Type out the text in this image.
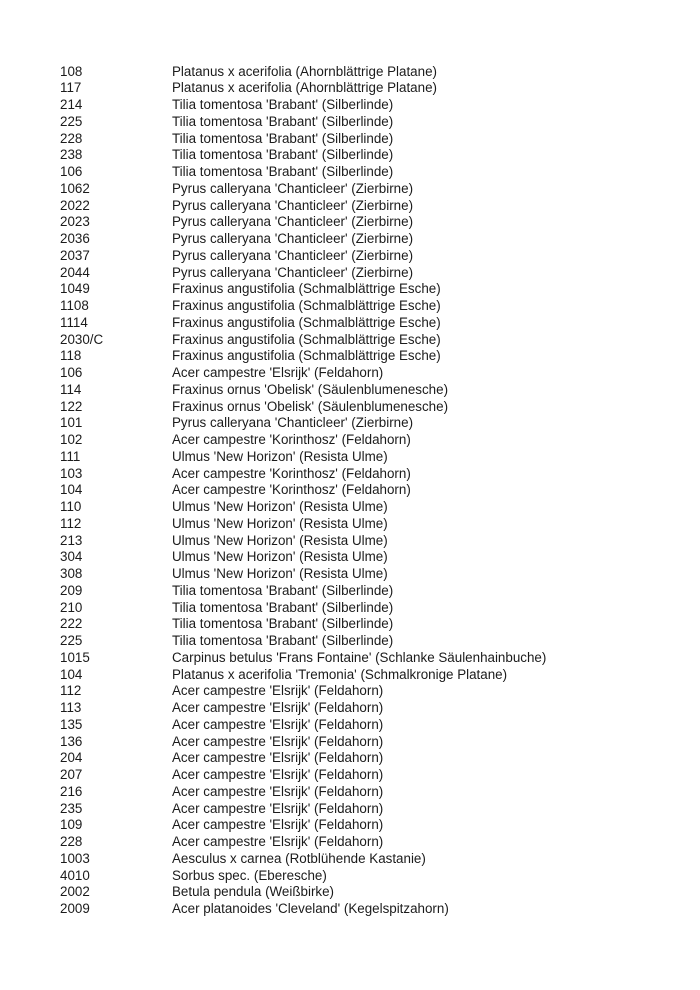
108	Platanus x acerifolia (Ahornblättrige Platane)
117	Platanus x acerifolia (Ahornblättrige Platane)
214	Tilia tomentosa 'Brabant' (Silberlinde)
225	Tilia tomentosa 'Brabant' (Silberlinde)
228	Tilia tomentosa 'Brabant' (Silberlinde)
238	Tilia tomentosa 'Brabant' (Silberlinde)
106	Tilia tomentosa 'Brabant' (Silberlinde)
1062	Pyrus calleryana 'Chanticleer' (Zierbirne)
2022	Pyrus calleryana 'Chanticleer' (Zierbirne)
2023	Pyrus calleryana 'Chanticleer' (Zierbirne)
2036	Pyrus calleryana 'Chanticleer' (Zierbirne)
2037	Pyrus calleryana 'Chanticleer' (Zierbirne)
2044	Pyrus calleryana 'Chanticleer' (Zierbirne)
1049	Fraxinus angustifolia (Schmalblättrige Esche)
1108	Fraxinus angustifolia (Schmalblättrige Esche)
1114	Fraxinus angustifolia (Schmalblättrige Esche)
2030/C	Fraxinus angustifolia (Schmalblättrige Esche)
118	Fraxinus angustifolia (Schmalblättrige Esche)
106	Acer campestre 'Elsrijk' (Feldahorn)
114	Fraxinus ornus 'Obelisk' (Säulenblumenesche)
122	Fraxinus ornus 'Obelisk' (Säulenblumenesche)
101	Pyrus calleryana 'Chanticleer' (Zierbirne)
102	Acer campestre 'Korinthosz' (Feldahorn)
111	Ulmus 'New Horizon' (Resista Ulme)
103	Acer campestre 'Korinthosz' (Feldahorn)
104	Acer campestre 'Korinthosz' (Feldahorn)
110	Ulmus 'New Horizon' (Resista Ulme)
112	Ulmus 'New Horizon' (Resista Ulme)
213	Ulmus 'New Horizon' (Resista Ulme)
304	Ulmus 'New Horizon' (Resista Ulme)
308	Ulmus 'New Horizon' (Resista Ulme)
209	Tilia tomentosa 'Brabant' (Silberlinde)
210	Tilia tomentosa 'Brabant' (Silberlinde)
222	Tilia tomentosa 'Brabant' (Silberlinde)
225	Tilia tomentosa 'Brabant' (Silberlinde)
1015	Carpinus betulus 'Frans Fontaine' (Schlanke Säulenhainbuche)
104	Platanus x acerifolia 'Tremonia' (Schmalkronige Platane)
112	Acer campestre 'Elsrijk' (Feldahorn)
113	Acer campestre 'Elsrijk' (Feldahorn)
135	Acer campestre 'Elsrijk' (Feldahorn)
136	Acer campestre 'Elsrijk' (Feldahorn)
204	Acer campestre 'Elsrijk' (Feldahorn)
207	Acer campestre 'Elsrijk' (Feldahorn)
216	Acer campestre 'Elsrijk' (Feldahorn)
235	Acer campestre 'Elsrijk' (Feldahorn)
109	Acer campestre 'Elsrijk' (Feldahorn)
228	Acer campestre 'Elsrijk' (Feldahorn)
1003	Aesculus x carnea (Rotblühende Kastanie)
4010	Sorbus spec. (Eberesche)
2002	Betula pendula (Weißbirke)
2009	Acer platanoides 'Cleveland' (Kegelspitzahorn)
